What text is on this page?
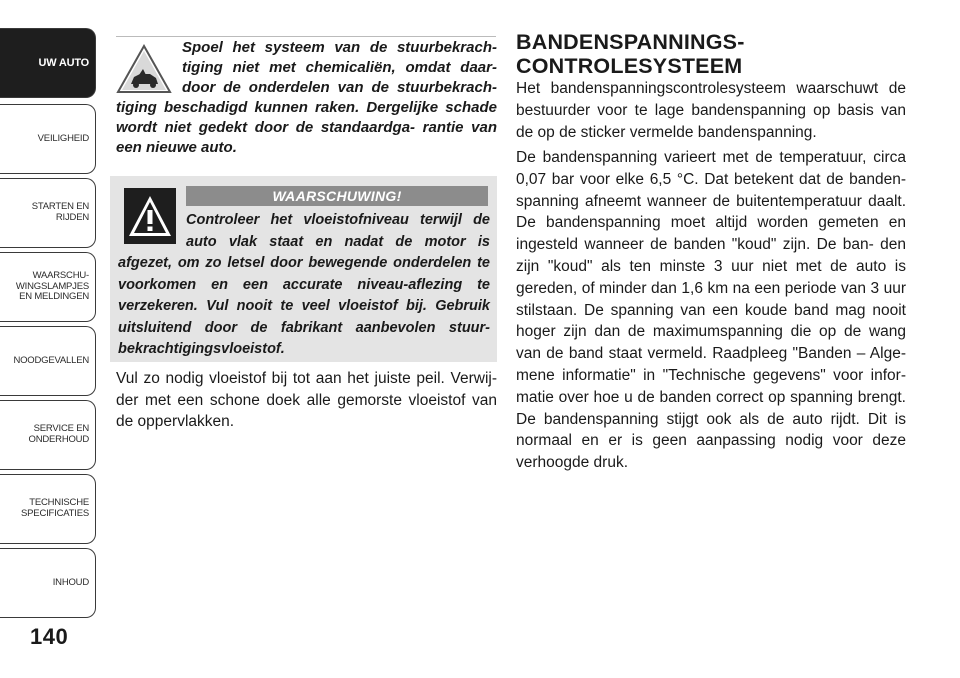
UW AUTO
VEILIGHEID
STARTEN EN
RIJDEN
WAARSCHU-
WINGSLAMPJES
EN MELDINGEN
NOODGEVALLEN
SERVICE EN
ONDERHOUD
TECHNISCHE
SPECIFICATIES
INHOUD
140

Spoel het systeem van de stuurbekrach- tiging niet met chemicaliën, omdat daar- door de onderdelen van de stuurbekrach- tiging beschadigd kunnen raken. Dergelijke schade wordt niet gedekt door de standaardga- rantie van een nieuwe auto.

WAARSCHUWING!

Controleer het vloeistofniveau terwijl de auto vlak staat en nadat de motor is afgezet, om zo letsel door bewegende onderdelen te voorkomen en een accurate niveau-aflezing te verzekeren. Vul nooit te veel vloeistof bij. Gebruik uitsluitend door de fabrikant aanbevolen stuur- bekrachtigingsvloeistof.

Vul zo nodig vloeistof bij tot aan het juiste peil. Verwij- der met een schone doek alle gemorste vloeistof van de oppervlakken.

BANDENSPANNINGS-
CONTROLESYSTEEM

Het bandenspanningscontrolesysteem waarschuwt de bestuurder voor te lage bandenspanning op basis van de op de sticker vermelde bandenspanning.

De bandenspanning varieert met de temperatuur, circa 0,07 bar voor elke 6,5 °C. Dat betekent dat de banden- spanning afneemt wanneer de buitentemperatuur daalt. De bandenspanning moet altijd worden gemeten en ingesteld wanneer de banden "koud" zijn. De ban- den zijn "koud" als ten minste 3 uur niet met de auto is gereden, of minder dan 1,6 km na een periode van 3 uur stilstaan. De spanning van een koude band mag nooit hoger zijn dan de maximumspanning die op de wang van de band staat vermeld. Raadpleeg "Banden – Alge- mene informatie" in "Technische gegevens" voor infor- matie over hoe u de banden correct op spanning brengt. De bandenspanning stijgt ook als de auto rijdt. Dit is normaal en er is geen aanpassing nodig voor deze verhoogde druk.
